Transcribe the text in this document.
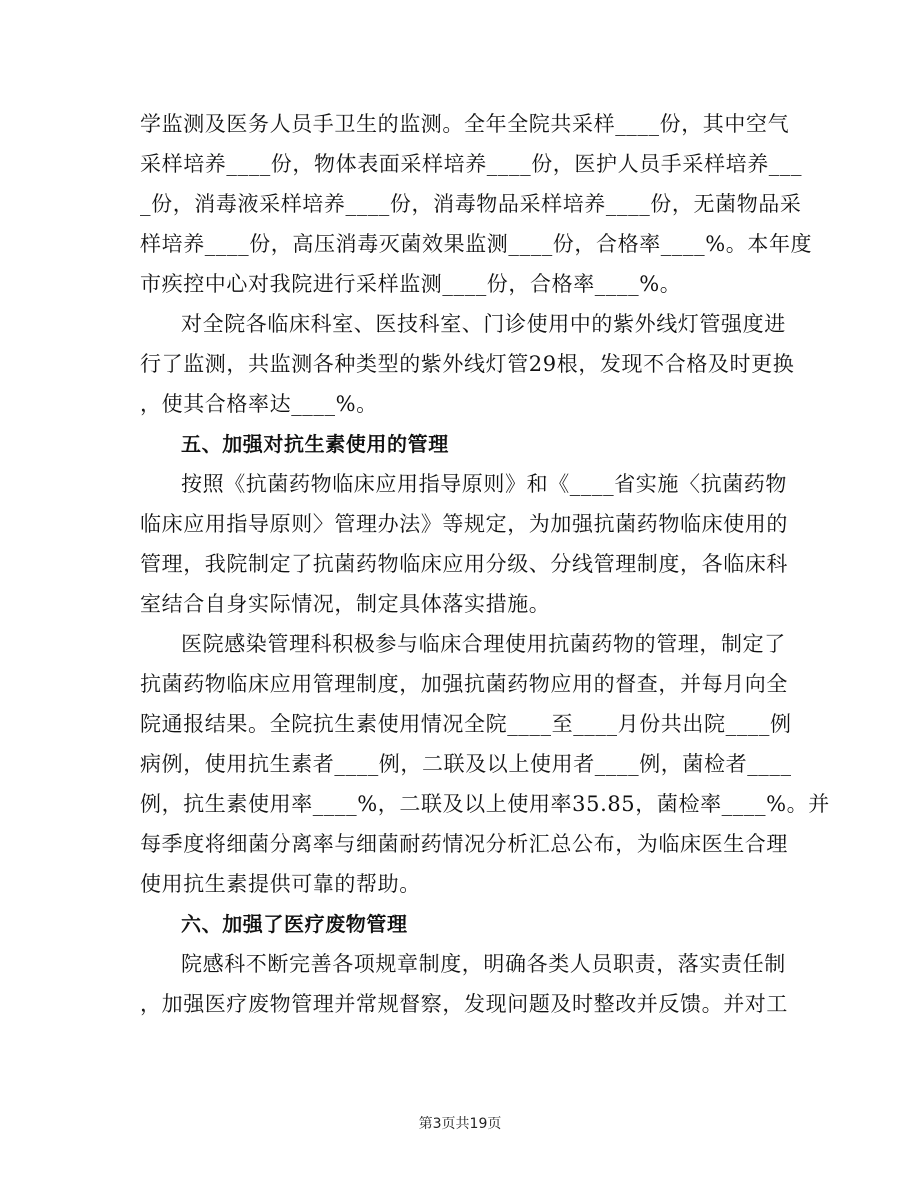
学监测及医务人员手卫生的监测。全年全院共采样____份，其中空气
采样培养____份，物体表面采样培养____份，医护人员手采样培养___
_份，消毒液采样培养____份，消毒物品采样培养____份，无菌物品采
样培养____份，高压消毒灭菌效果监测____份，合格率____%。本年度
市疾控中心对我院进行采样监测____份，合格率____%。
对全院各临床科室、医技科室、门诊使用中的紫外线灯管强度进
行了监测，共监测各种类型的紫外线灯管29根，发现不合格及时更换
，使其合格率达____%。
五、加强对抗生素使用的管理
按照《抗菌药物临床应用指导原则》和《____省实施〈抗菌药物
临床应用指导原则〉管理办法》等规定，为加强抗菌药物临床使用的
管理，我院制定了抗菌药物临床应用分级、分线管理制度，各临床科
室结合自身实际情况，制定具体落实措施。
医院感染管理科积极参与临床合理使用抗菌药物的管理，制定了
抗菌药物临床应用管理制度，加强抗菌药物应用的督查，并每月向全
院通报结果。全院抗生素使用情况全院____至____月份共出院____例
病例，使用抗生素者____例，二联及以上使用者____例，菌检者____
例，抗生素使用率____%，二联及以上使用率35.85，菌检率____%。并
每季度将细菌分离率与细菌耐药情况分析汇总公布，为临床医生合理
使用抗生素提供可靠的帮助。
六、加强了医疗废物管理
院感科不断完善各项规章制度，明确各类人员职责，落实责任制
，加强医疗废物管理并常规督察，发现问题及时整改并反馈。并对工
第3页共19页
